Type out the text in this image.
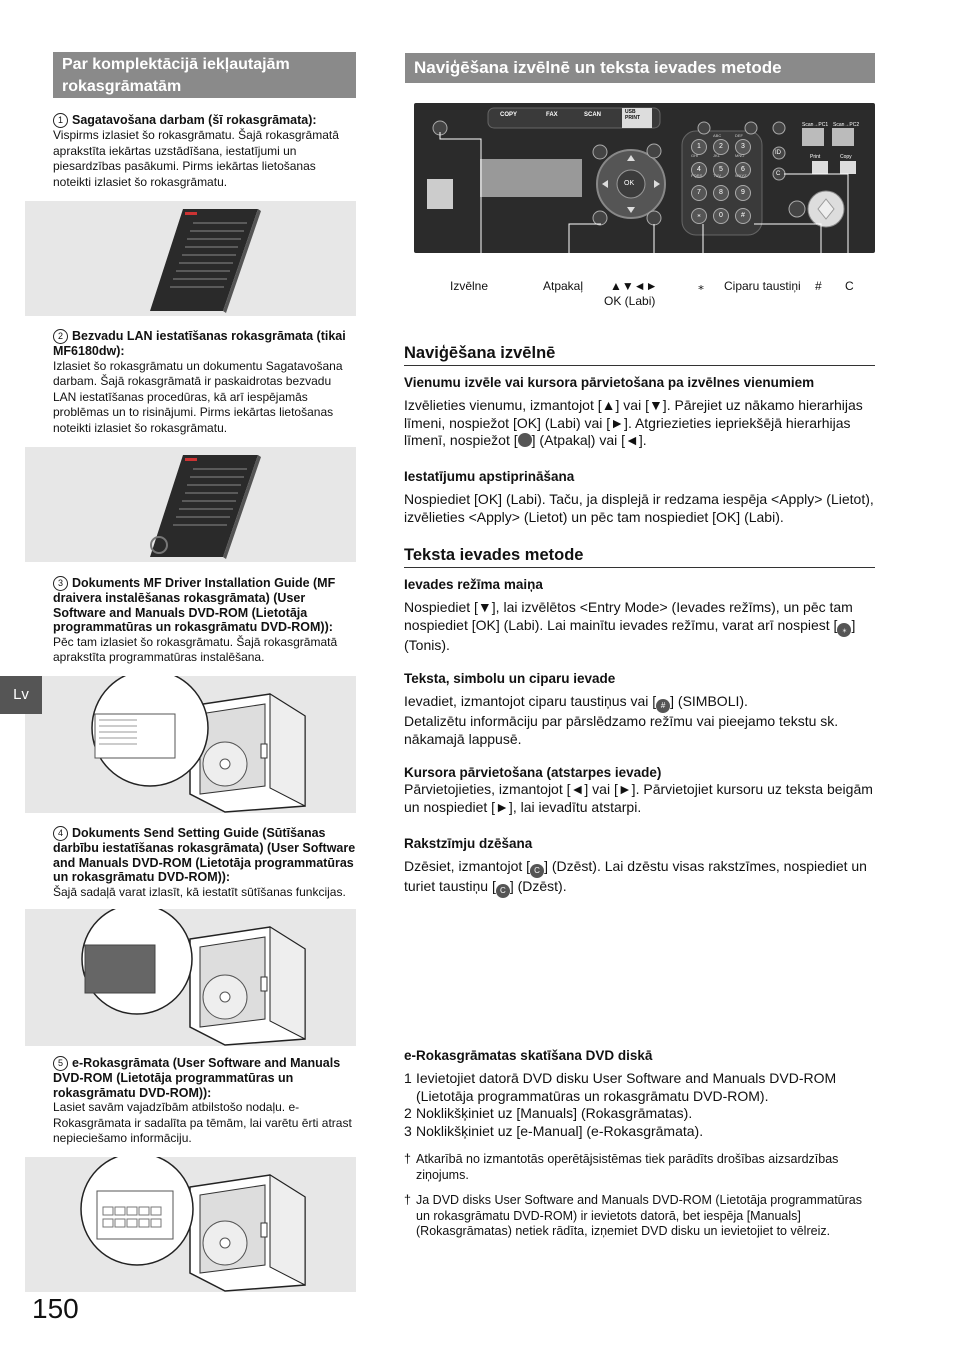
Par komplektācijā iekļautajām rokasgrāmatām
1 Sagatavošana darbam (šī rokasgrāmata):
Vispirms izlasiet šo rokasgrāmatu. Šajā rokasgrāmatā aprakstīta iekārtas uzstādīšana, iestatījumi un piesardzības pasākumi. Pirms iekārtas lietošanas noteikti izlasiet šo rokasgrāmatu.
2 Bezvadu LAN iestatīšanas rokasgrāmata (tikai MF6180dw):
Izlasiet šo rokasgrāmatu un dokumentu Sagatavošana darbam. Šajā rokasgrāmatā ir paskaidrotas bezvadu LAN iestatīšanas procedūras, kā arī iespējamās problēmas un to risinājumi. Pirms iekārtas lietošanas noteikti izlasiet šo rokasgrāmatu.
3 Dokuments MF Driver Installation Guide (MF draivera instalēšanas rokasgrāmata) (User Software and Manuals DVD-ROM (Lietotāja programmatūras un rokasgrāmatu DVD-ROM)):
Pēc tam izlasiet šo rokasgrāmatu. Šajā rokasgrāmatā aprakstīta programmatūras instalēšana.
4 Dokuments Send Setting Guide (Sūtīšanas darbību iestatīšanas rokasgrāmata) (User Software and Manuals DVD-ROM (Lietotāja programmatūras un rokasgrāmatu DVD-ROM)):
Šajā sadaļā varat izlasīt, kā iestatīt sūtīšanas funkcijas.
5 e-Rokasgrāmata (User Software and Manuals DVD-ROM (Lietotāja programmatūras un rokasgrāmatu DVD-ROM)):
Lasiet savām vajadzībām atbilstošo nodaļu. e-Rokasgrāmata ir sadalīta pa tēmām, lai varētu ērti atrast nepieciešamo informāciju.
Lv
150
Naviģēšana izvēlnē un teksta ievades metode
COPY	FAX	SCAN	USB PRINT
OK
ID
C
Scan→PC1 Scan→PC2
Print	Copy
1	2	3
4	5	6
7	8	9
⁎	0	#
ABC	DEF
GHI	JKL	MNO
PQRS	TUV	WXYZ
Izvēlne	Atpakaļ ▲▼◄►
OK (Labi)
⁎ Ciparu taustiņi # C
Naviģēšana izvēlnē
Vienumu izvēle vai kursora pārvietošana pa izvēlnes vienumiem
Izvēlieties vienumu, izmantojot [▲] vai [▼]. Pārejiet uz nākamo hierarhijas līmeni, nospiežot [OK] (Labi) vai [►]. Atgriezieties iepriekšējā hierarhijas līmenī, nospiežot [ ] (Atpakaļ) vai [◄].
Iestatījumu apstiprināšana
Nospiediet [OK] (Labi). Taču, ja displejā ir redzama iespēja <Apply> (Lietot), izvēlieties <Apply> (Lietot) un pēc tam nospiediet [OK] (Labi).
Teksta ievades metode
Ievades režīma maiņa
Nospiediet [▼], lai izvēlētos <Entry Mode> (Ievades režīms), un pēc tam nospiediet [OK] (Labi). Lai mainītu ievades režīmu, varat arī nospiest [ ⁎ ] (Tonis).
Teksta, simbolu un ciparu ievade
Ievadiet, izmantojot ciparu taustiņus vai [ # ] (SIMBOLI).
Detalizētu informāciju par pārslēdzamo režīmu vai pieejamo tekstu sk. nākamajā lappusē.
Kursora pārvietošana (atstarpes ievade)
Pārvietojieties, izmantojot [◄] vai [►]. Pārvietojiet kursoru uz teksta beigām un nospiediet [►], lai ievadītu atstarpi.
Rakstzīmju dzēšana
Dzēsiet, izmantojot [ C ] (Dzēst). Lai dzēstu visas rakstzīmes, nospiediet un turiet taustiņu [ C ] (Dzēst).
e-Rokasgrāmatas skatīšana DVD diskā
1 Ievietojiet datorā DVD disku User Software and Manuals DVD-ROM (Lietotāja programmatūras un rokasgrāmatu DVD-ROM).
2 Noklikšķiniet uz [Manuals] (Rokasgrāmatas).
3 Noklikšķiniet uz [e-Manual] (e-Rokasgrāmata).
† Atkarībā no izmantotās operētājsistēmas tiek parādīts drošības aizsardzības ziņojums.
† Ja DVD disks User Software and Manuals DVD-ROM (Lietotāja programmatūras un rokasgrāmatu DVD-ROM) ir ievietots datorā, bet iespēja [Manuals] (Rokasgrāmatas) netiek rādīta, izņemiet DVD disku un ievietojiet to vēlreiz.
